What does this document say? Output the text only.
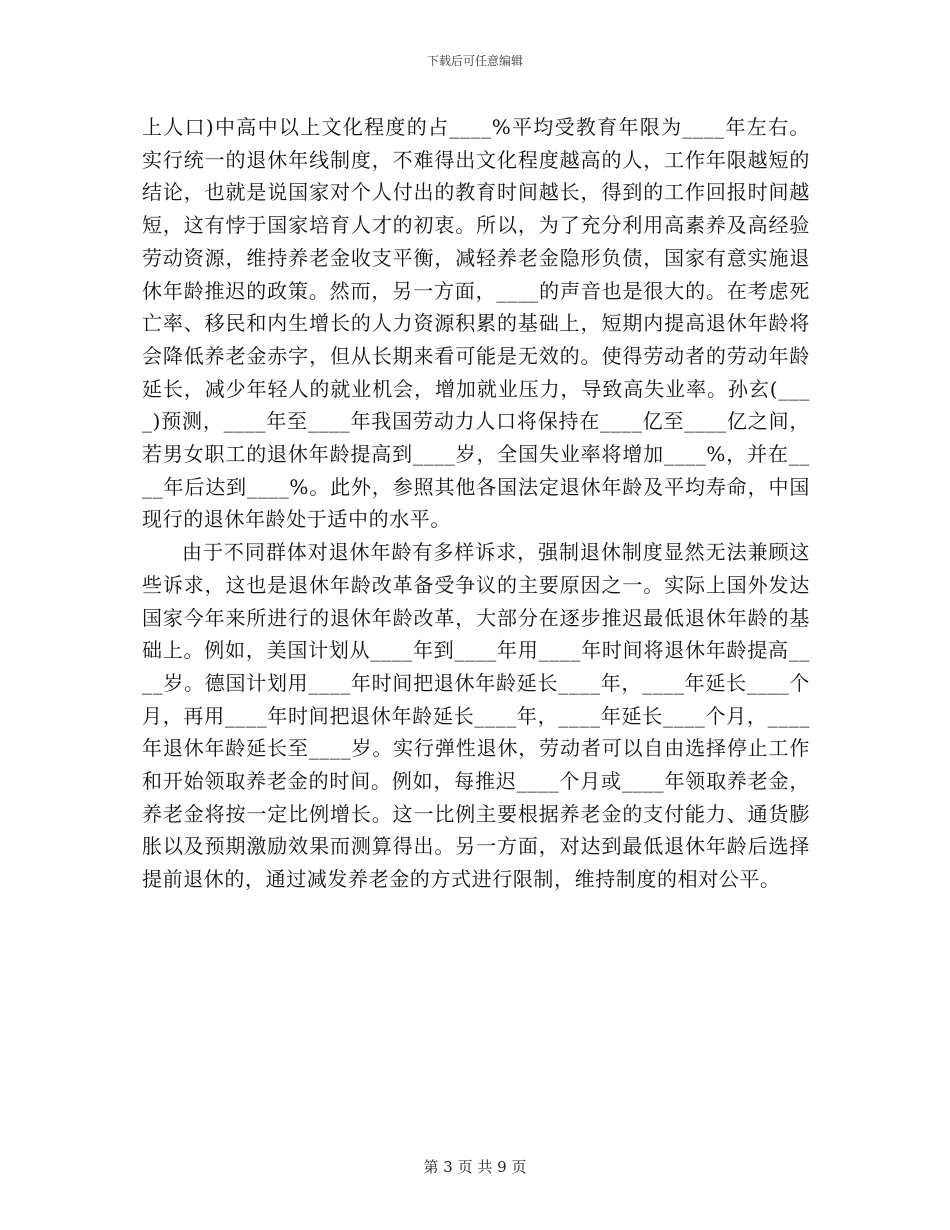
下载后可任意编辑

上人口)中高中以上文化程度的占____%平均受教育年限为____年左右。实行统一的退休年线制度，不难得出文化程度越高的人，工作年限越短的结论，也就是说国家对个人付出的教育时间越长，得到的工作回报时间越短，这有悖于国家培育人才的初衷。所以，为了充分利用高素养及高经验劳动资源，维持养老金收支平衡，减轻养老金隐形负债，国家有意实施退休年龄推迟的政策。然而，另一方面，____的声音也是很大的。在考虑死亡率、移民和内生增长的人力资源积累的基础上，短期内提高退休年龄将会降低养老金赤字，但从长期来看可能是无效的。使得劳动者的劳动年龄延长，减少年轻人的就业机会，增加就业压力，导致高失业率。孙玄(____)预测，____年至____年我国劳动力人口将保持在____亿至____亿之间，若男女职工的退休年龄提高到____岁，全国失业率将增加____%，并在____年后达到____%。此外，参照其他各国法定退休年龄及平均寿命，中国现行的退休年龄处于适中的水平。

由于不同群体对退休年龄有多样诉求，强制退休制度显然无法兼顾这些诉求，这也是退休年龄改革备受争议的主要原因之一。实际上国外发达国家今年来所进行的退休年龄改革，大部分在逐步推迟最低退休年龄的基础上。例如，美国计划从____年到____年用____年时间将退休年龄提高____岁。德国计划用____年时间把退休年龄延长____年，____年延长____个月，再用____年时间把退休年龄延长____年，____年延长____个月，____年退休年龄延长至____岁。实行弹性退休，劳动者可以自由选择停止工作和开始领取养老金的时间。例如，每推迟____个月或____年领取养老金，养老金将按一定比例增长。这一比例主要根据养老金的支付能力、通货膨胀以及预期激励效果而测算得出。另一方面，对达到最低退休年龄后选择提前退休的，通过减发养老金的方式进行限制，维持制度的相对公平。

第 3 页 共 9 页
